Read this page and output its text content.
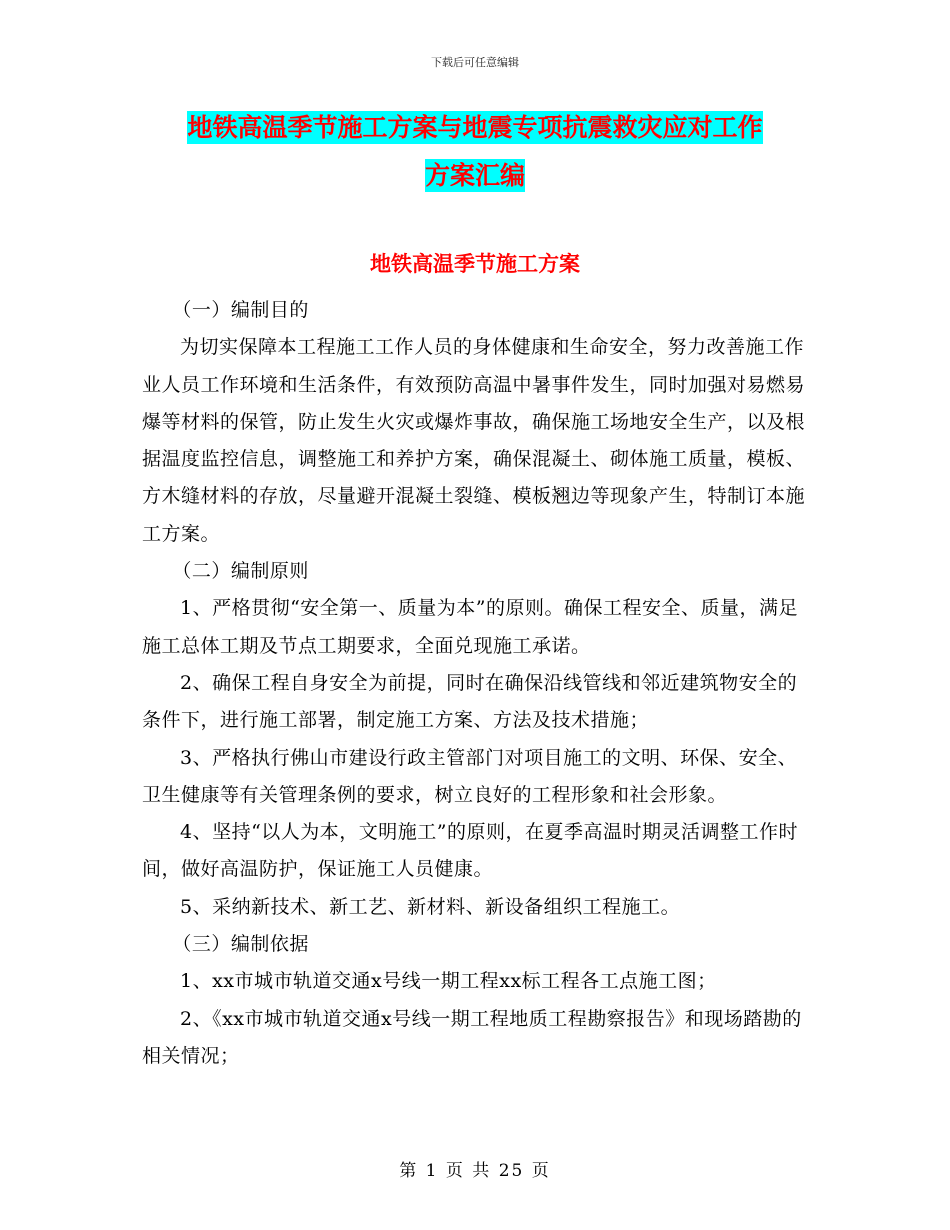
下载后可任意编辑
地铁高温季节施工方案与地震专项抗震救灾应对工作
方案汇编
地铁高温季节施工方案

（一）编制目的

为切实保障本工程施工工作人员的身体健康和生命安全，努力改善施工作业人员工作环境和生活条件，有效预防高温中暑事件发生，同时加强对易燃易爆等材料的保管，防止发生火灾或爆炸事故，确保施工场地安全生产，以及根据温度监控信息，调整施工和养护方案，确保混凝土、砌体施工质量，模板、方木缝材料的存放，尽量避开混凝土裂缝、模板翘边等现象产生，特制订本施工方案。

（二）编制原则

1、严格贯彻“安全第一、质量为本”的原则。确保工程安全、质量，满足施工总体工期及节点工期要求，全面兑现施工承诺。

2、确保工程自身安全为前提，同时在确保沿线管线和邻近建筑物安全的条件下，进行施工部署，制定施工方案、方法及技术措施；

3、严格执行佛山市建设行政主管部门对项目施工的文明、环保、安全、卫生健康等有关管理条例的要求，树立良好的工程形象和社会形象。

4、坚持“以人为本，文明施工”的原则，在夏季高温时期灵活调整工作时间，做好高温防护，保证施工人员健康。

5、采纳新技术、新工艺、新材料、新设备组织工程施工。

（三）编制依据

1、xx市城市轨道交通x号线一期工程xx标工程各工点施工图；

2、《xx市城市轨道交通x号线一期工程地质工程勘察报告》和现场踏勘的相关情况；

第 1 页 共 25 页
